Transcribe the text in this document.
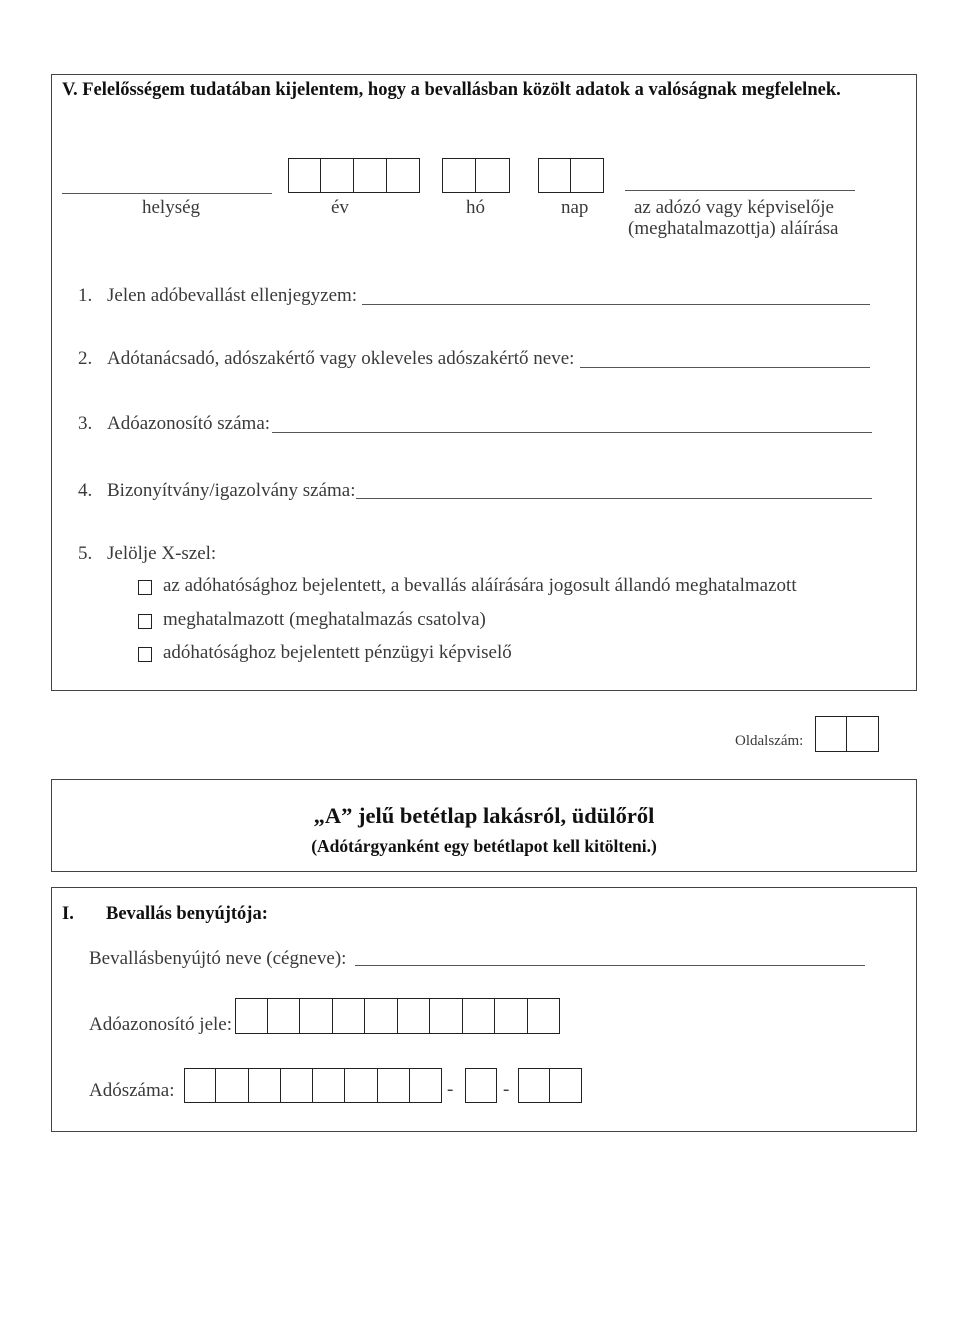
V. Felelősségem tudatában kijelentem, hogy a bevallásban közölt adatok a valóságnak megfelelnek.
helység	év	hó	nap az adózó vagy képviselője
(meghatalmazottja) aláírása
1. Jelen adóbevallást ellenjegyzem:
2. Adótanácsadó, adószakértő vagy okleveles adószakértő neve:
3. Adóazonosító száma:
4. Bizonyítvány/igazolvány száma:
5. Jelölje X-szel:
az adóhatósághoz bejelentett, a bevallás aláírására jogosult állandó meghatalmazott
meghatalmazott (meghatalmazás csatolva)
adóhatósághoz bejelentett pénzügyi képviselő
Oldalszám:
„A” jelű betétlap lakásról, üdülőről
(Adótárgyanként egy betétlapot kell kitölteni.)
I. Bevallás benyújtója:
Bevallásbenyújtó neve (cégneve):
Adóazonosító jele:
Adószáma:	-	-
